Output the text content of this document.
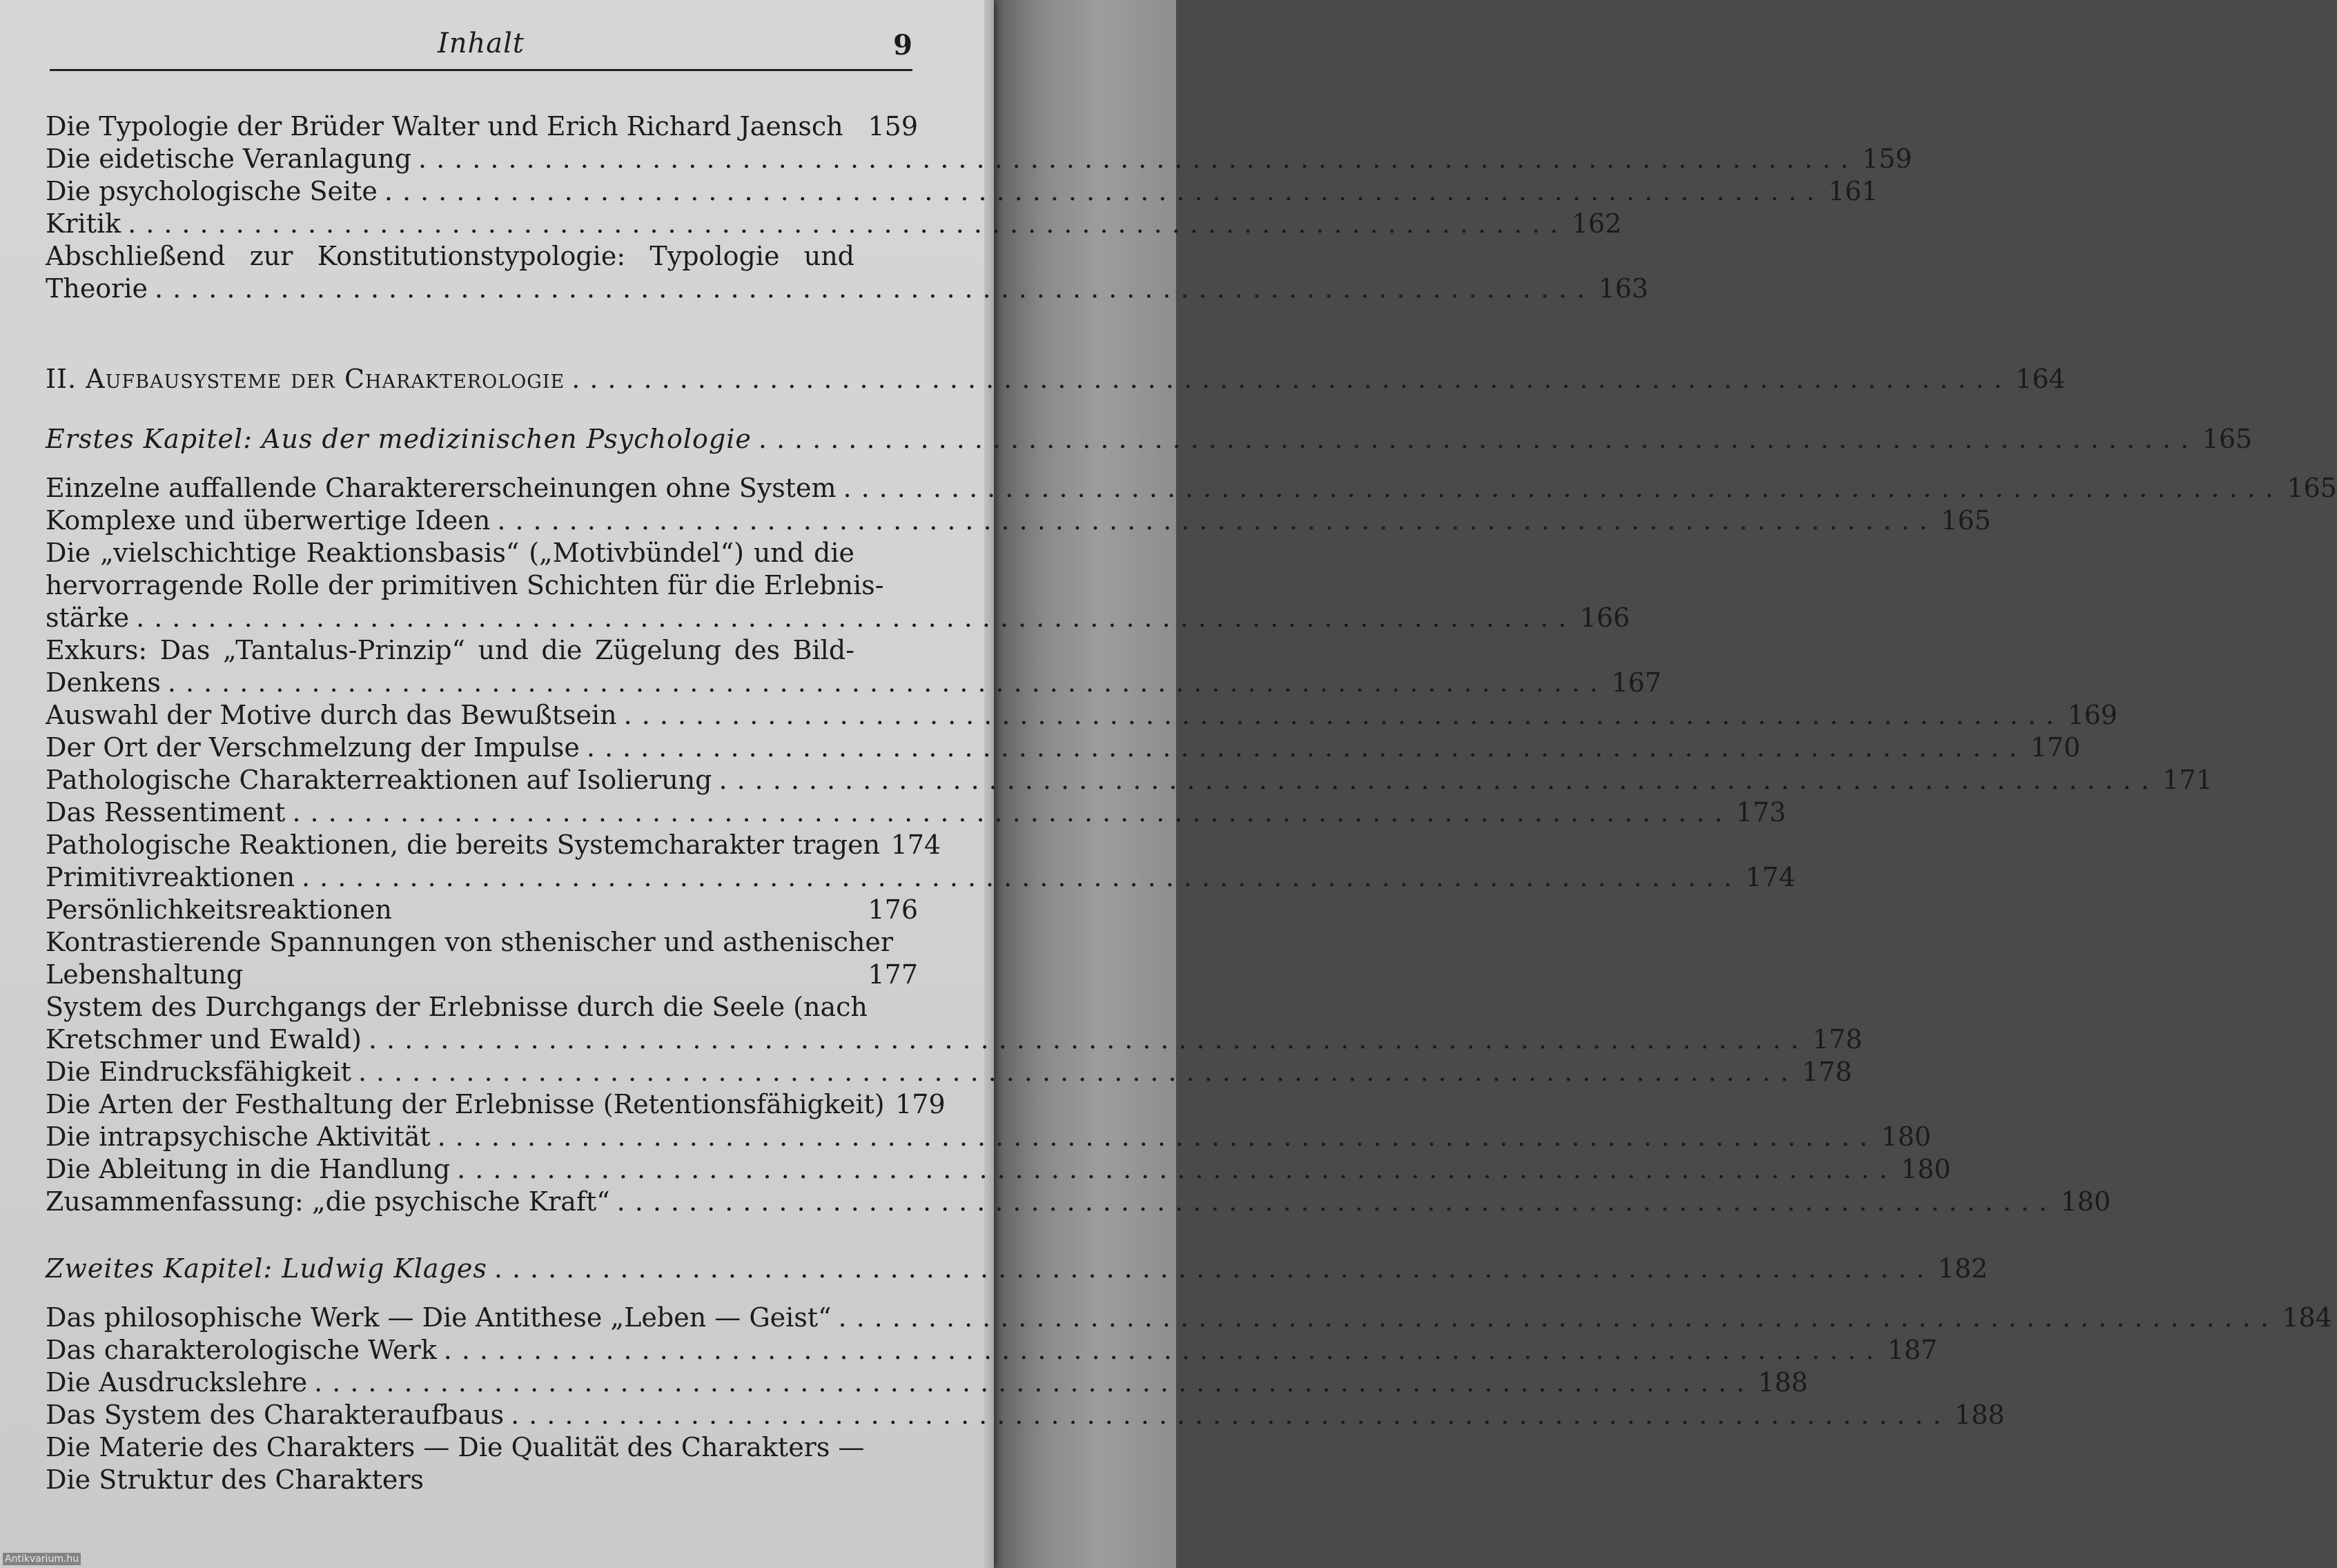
Inhalt	9
Die Typologie der Brüder Walter und Erich Richard Jaensch 159
Die eidetische Veranlagung ................................................................................ 159
Die psychologische Seite ................................................................................ 161
Kritik ................................................................................ 162
Abschließend zur Konstitutionstypologie: Typologie und
Theorie ................................................................................ 163
II. Aufbausysteme der Charakterologie ................................................................................ 164
Erstes Kapitel: Aus der medizinischen Psychologie ................................................................................ 165
Einzelne auffallende Charaktererscheinungen ohne System ................................................................................ 165
Komplexe und überwertige Ideen ................................................................................ 165
Die „vielschichtige Reaktionsbasis“ („Motivbündel“) und die
hervorragende Rolle der primitiven Schichten für die Erlebnis-
stärke ................................................................................ 166
Exkurs: Das „Tantalus-Prinzip“ und die Zügelung des Bild-
Denkens ................................................................................ 167
Auswahl der Motive durch das Bewußtsein ................................................................................ 169
Der Ort der Verschmelzung der Impulse ................................................................................ 170
Pathologische Charakterreaktionen auf Isolierung ................................................................................ 171
Das Ressentiment ................................................................................ 173
Pathologische Reaktionen, die bereits Systemcharakter tragen 174
Primitivreaktionen ................................................................................ 174
Persönlichkeitsreaktionen	176
Kontrastierende Spannungen von sthenischer und asthenischer
Lebenshaltung	177
System des Durchgangs der Erlebnisse durch die Seele (nach
Kretschmer und Ewald) ................................................................................ 178
Die Eindrucksfähigkeit ................................................................................ 178
Die Arten der Festhaltung der Erlebnisse (Retentionsfähigkeit) 179
Die intrapsychische Aktivität ................................................................................ 180
Die Ableitung in die Handlung ................................................................................ 180
Zusammenfassung: „die psychische Kraft“ ................................................................................ 180
Zweites Kapitel: Ludwig Klages ................................................................................ 182
Das philosophische Werk — Die Antithese „Leben — Geist“ ................................................................................ 184
Das charakterologische Werk ................................................................................ 187
Die Ausdruckslehre ................................................................................ 188
Das System des Charakteraufbaus ................................................................................ 188
Die Materie des Charakters — Die Qualität des Charakters —
Die Struktur des Charakters
Antikvarium.hu
